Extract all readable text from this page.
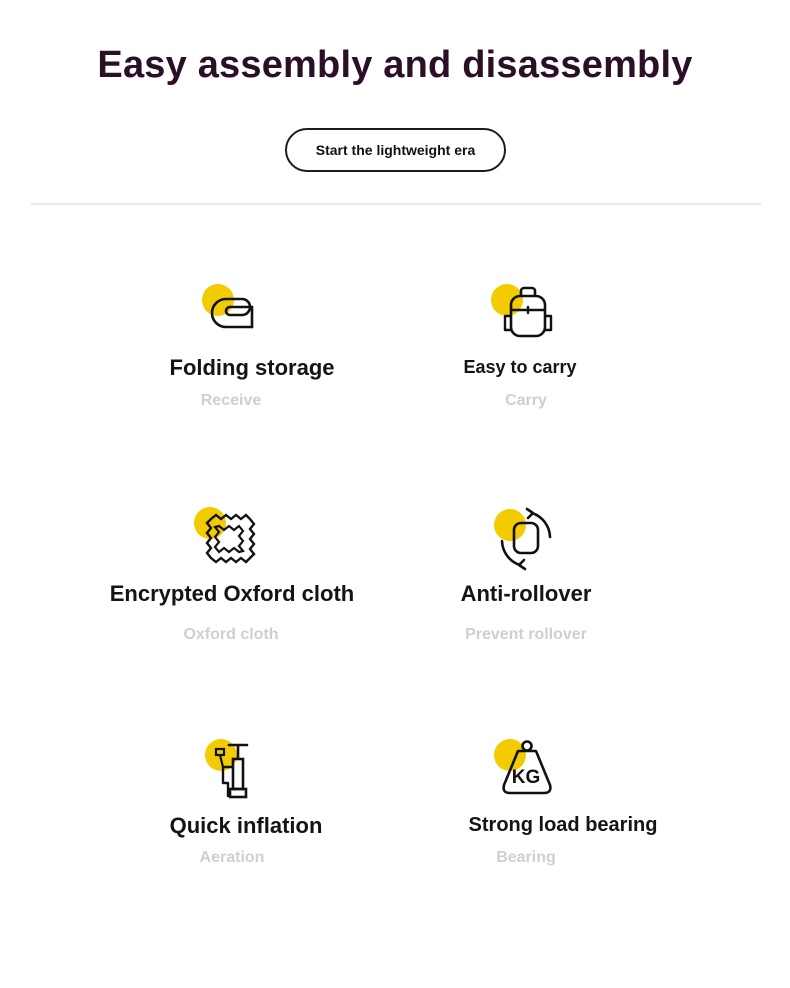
Easy assembly and disassembly
Start the lightweight era
Folding storage
Receive
Easy to carry
Carry
Encrypted Oxford cloth
Oxford cloth
Anti-rollover
Prevent rollover
Quick inflation
Aeration
KG
Strong load bearing
Bearing
